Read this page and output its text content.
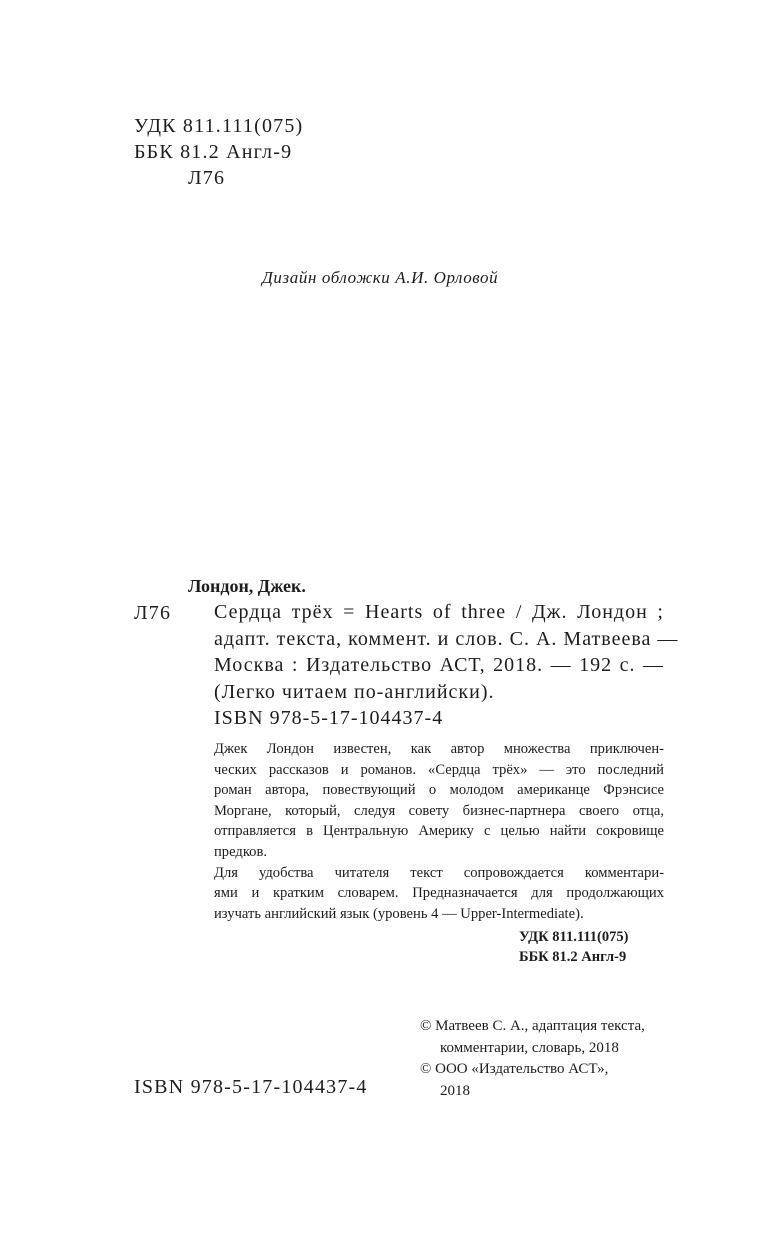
УДК 811.111(075)
ББК 81.2 Англ-9
Л76
Дизайн обложки А.И. Орловой
Лондон, Джек.
Л76 Сердца трёх = Hearts of three / Дж. Лондон ;
адапт. текста, коммент. и слов. С. А. Матвеева —
Москва : Издательство АСТ, 2018. — 192 с. —
(Легко читаем по-английски).
ISBN 978-5-17-104437-4
Джек Лондон известен, как автор множества приключен-
ческих рассказов и романов. «Сердца трёх» — это последний
роман автора, повествующий о молодом американце Фрэнсисе
Моргане, который, следуя совету бизнес-партнера своего отца,
отправляется в Центральную Америку с целью найти сокровище
предков.
Для удобства читателя текст сопровождается комментари-
ями и кратким словарем. Предназначается для продолжающих
изучать английский язык (уровень 4 — Upper-Intermediate).
УДК 811.111(075)
ББК 81.2 Англ-9
ISBN 978-5-17-104437-4
© Матвеев С. А., адаптация текста,
комментарии, словарь, 2018
© ООО «Издательство АСТ»,
2018
